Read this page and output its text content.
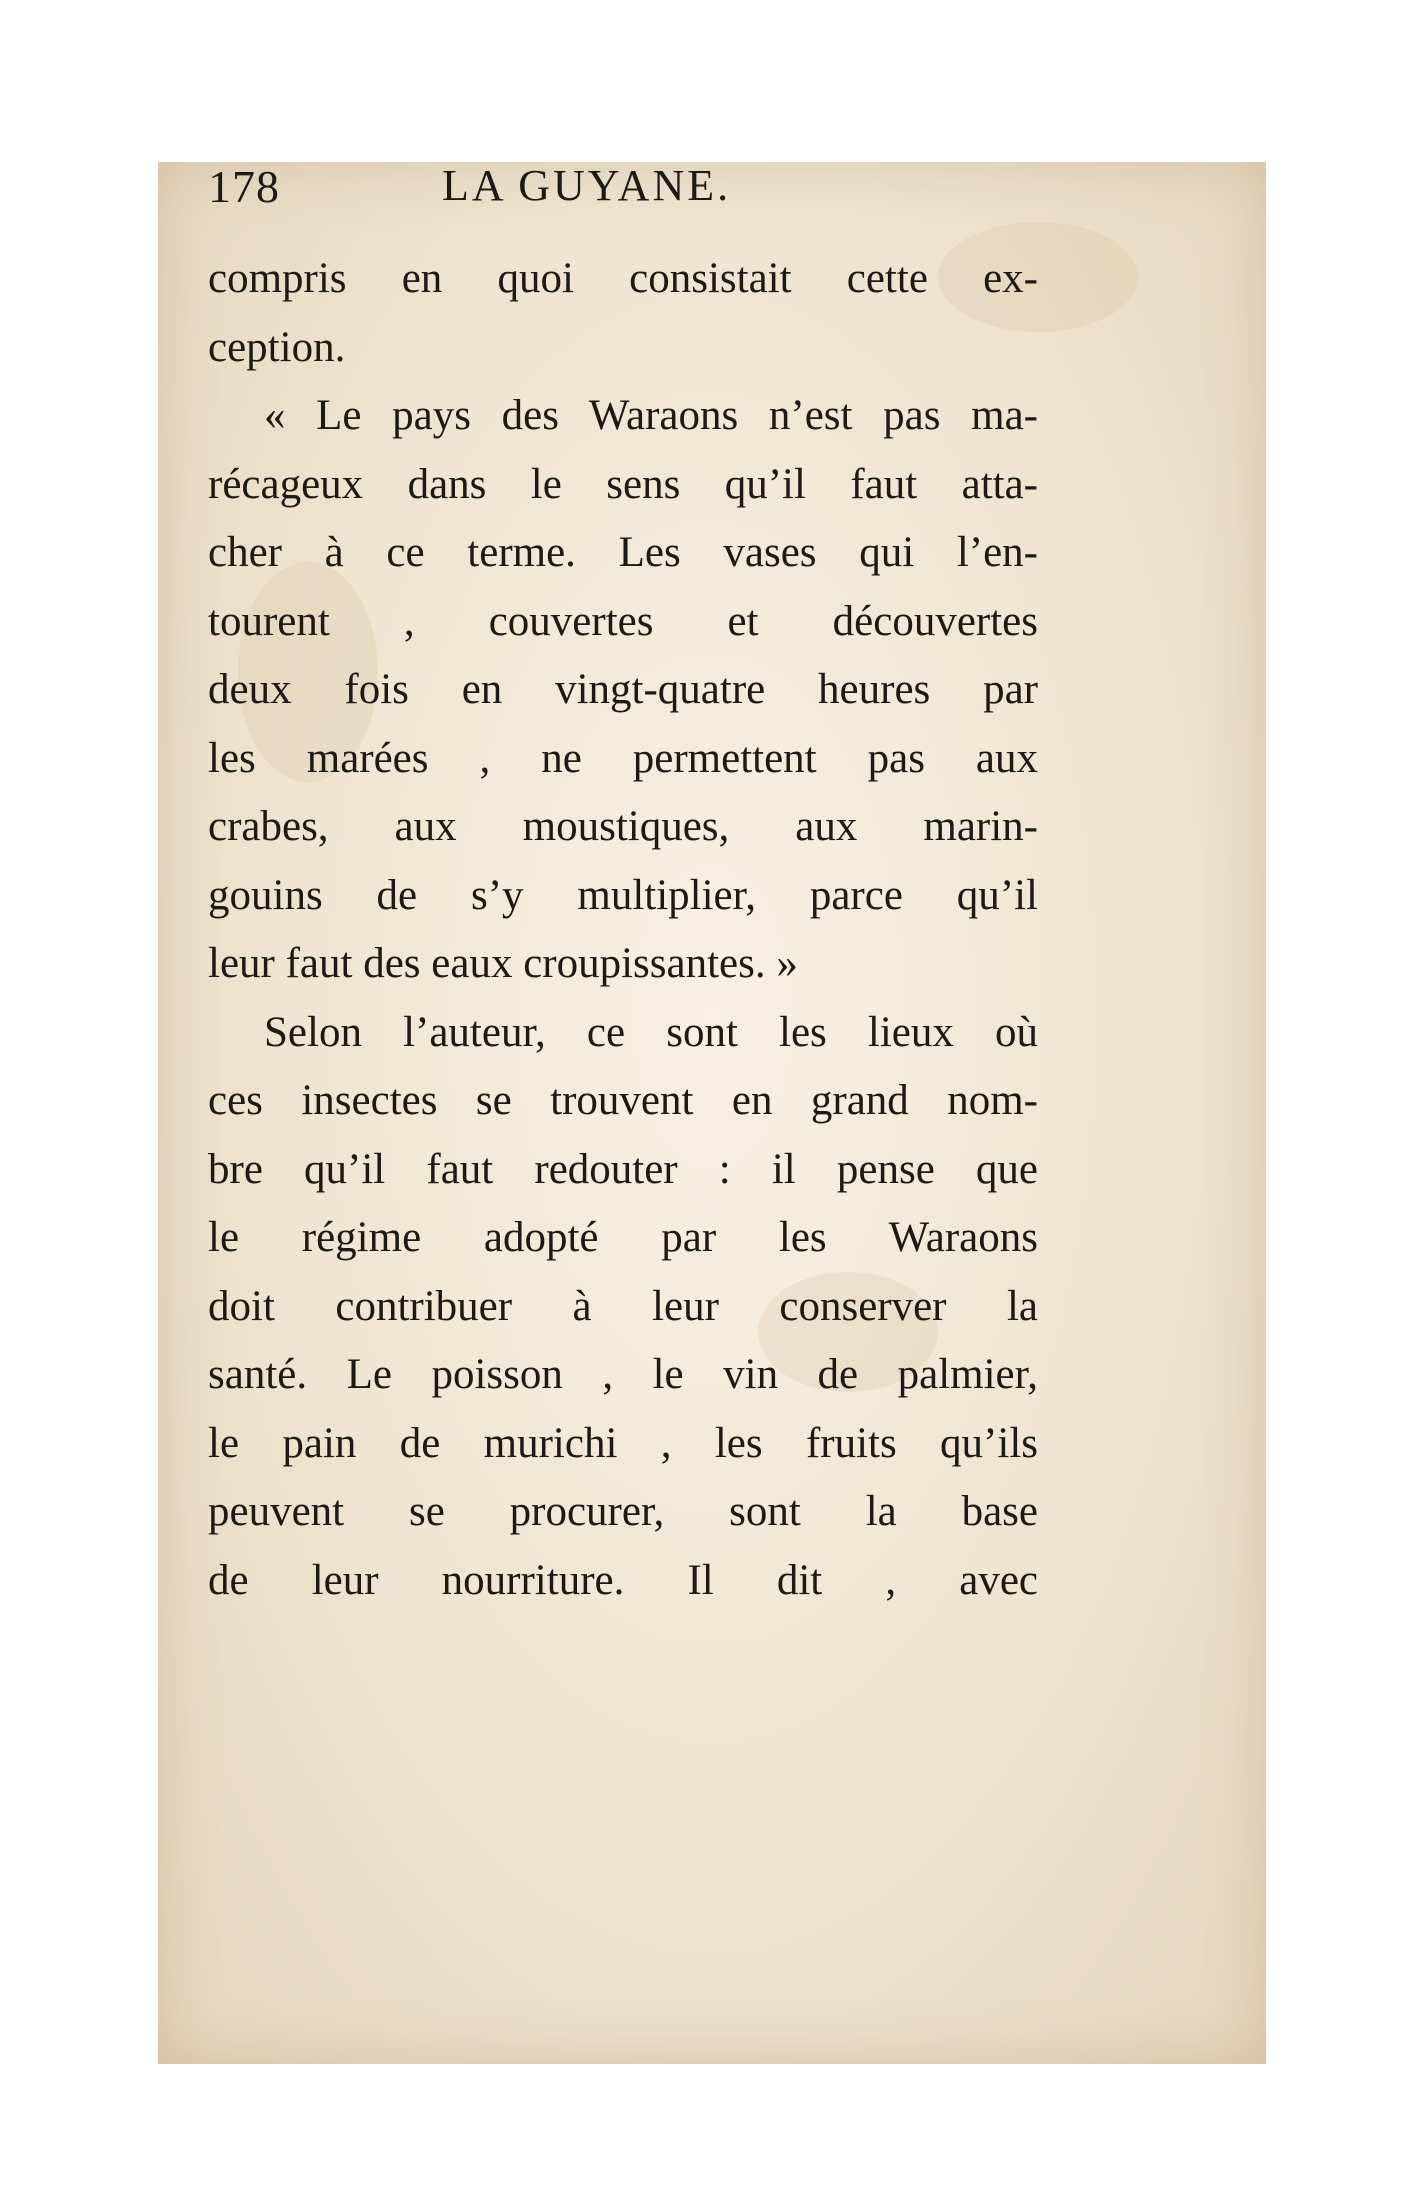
178	LA GUYANE.
compris en quoi consistait cette ex-
ception.
« Le pays des Waraons n’est pas ma-
récageux dans le sens qu’il faut atta-
cher à ce terme. Les vases qui l’en-
tourent , couvertes et découvertes
deux fois en vingt-quatre heures par
les marées , ne permettent pas aux
crabes, aux moustiques, aux marin-
gouins de s’y multiplier, parce qu’il
leur faut des eaux croupissantes. »
Selon l’auteur, ce sont les lieux où
ces insectes se trouvent en grand nom-
bre qu’il faut redouter : il pense que
le régime adopté par les Waraons
doit contribuer à leur conserver la
santé. Le poisson , le vin de palmier,
le pain de murichi , les fruits qu’ils
peuvent se procurer, sont la base
de leur nourriture. Il dit , avec
